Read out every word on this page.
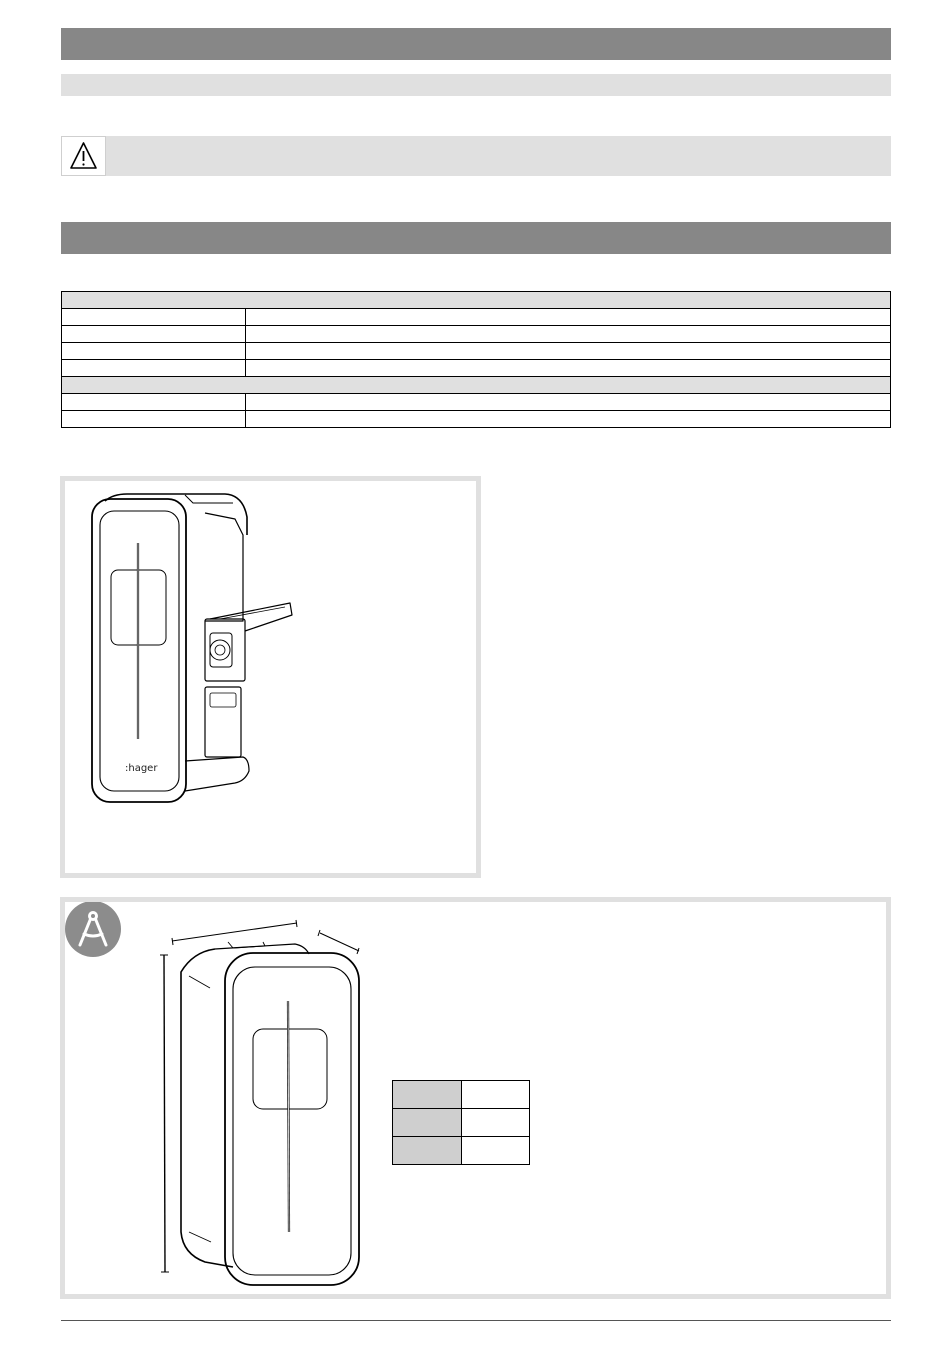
:hager
